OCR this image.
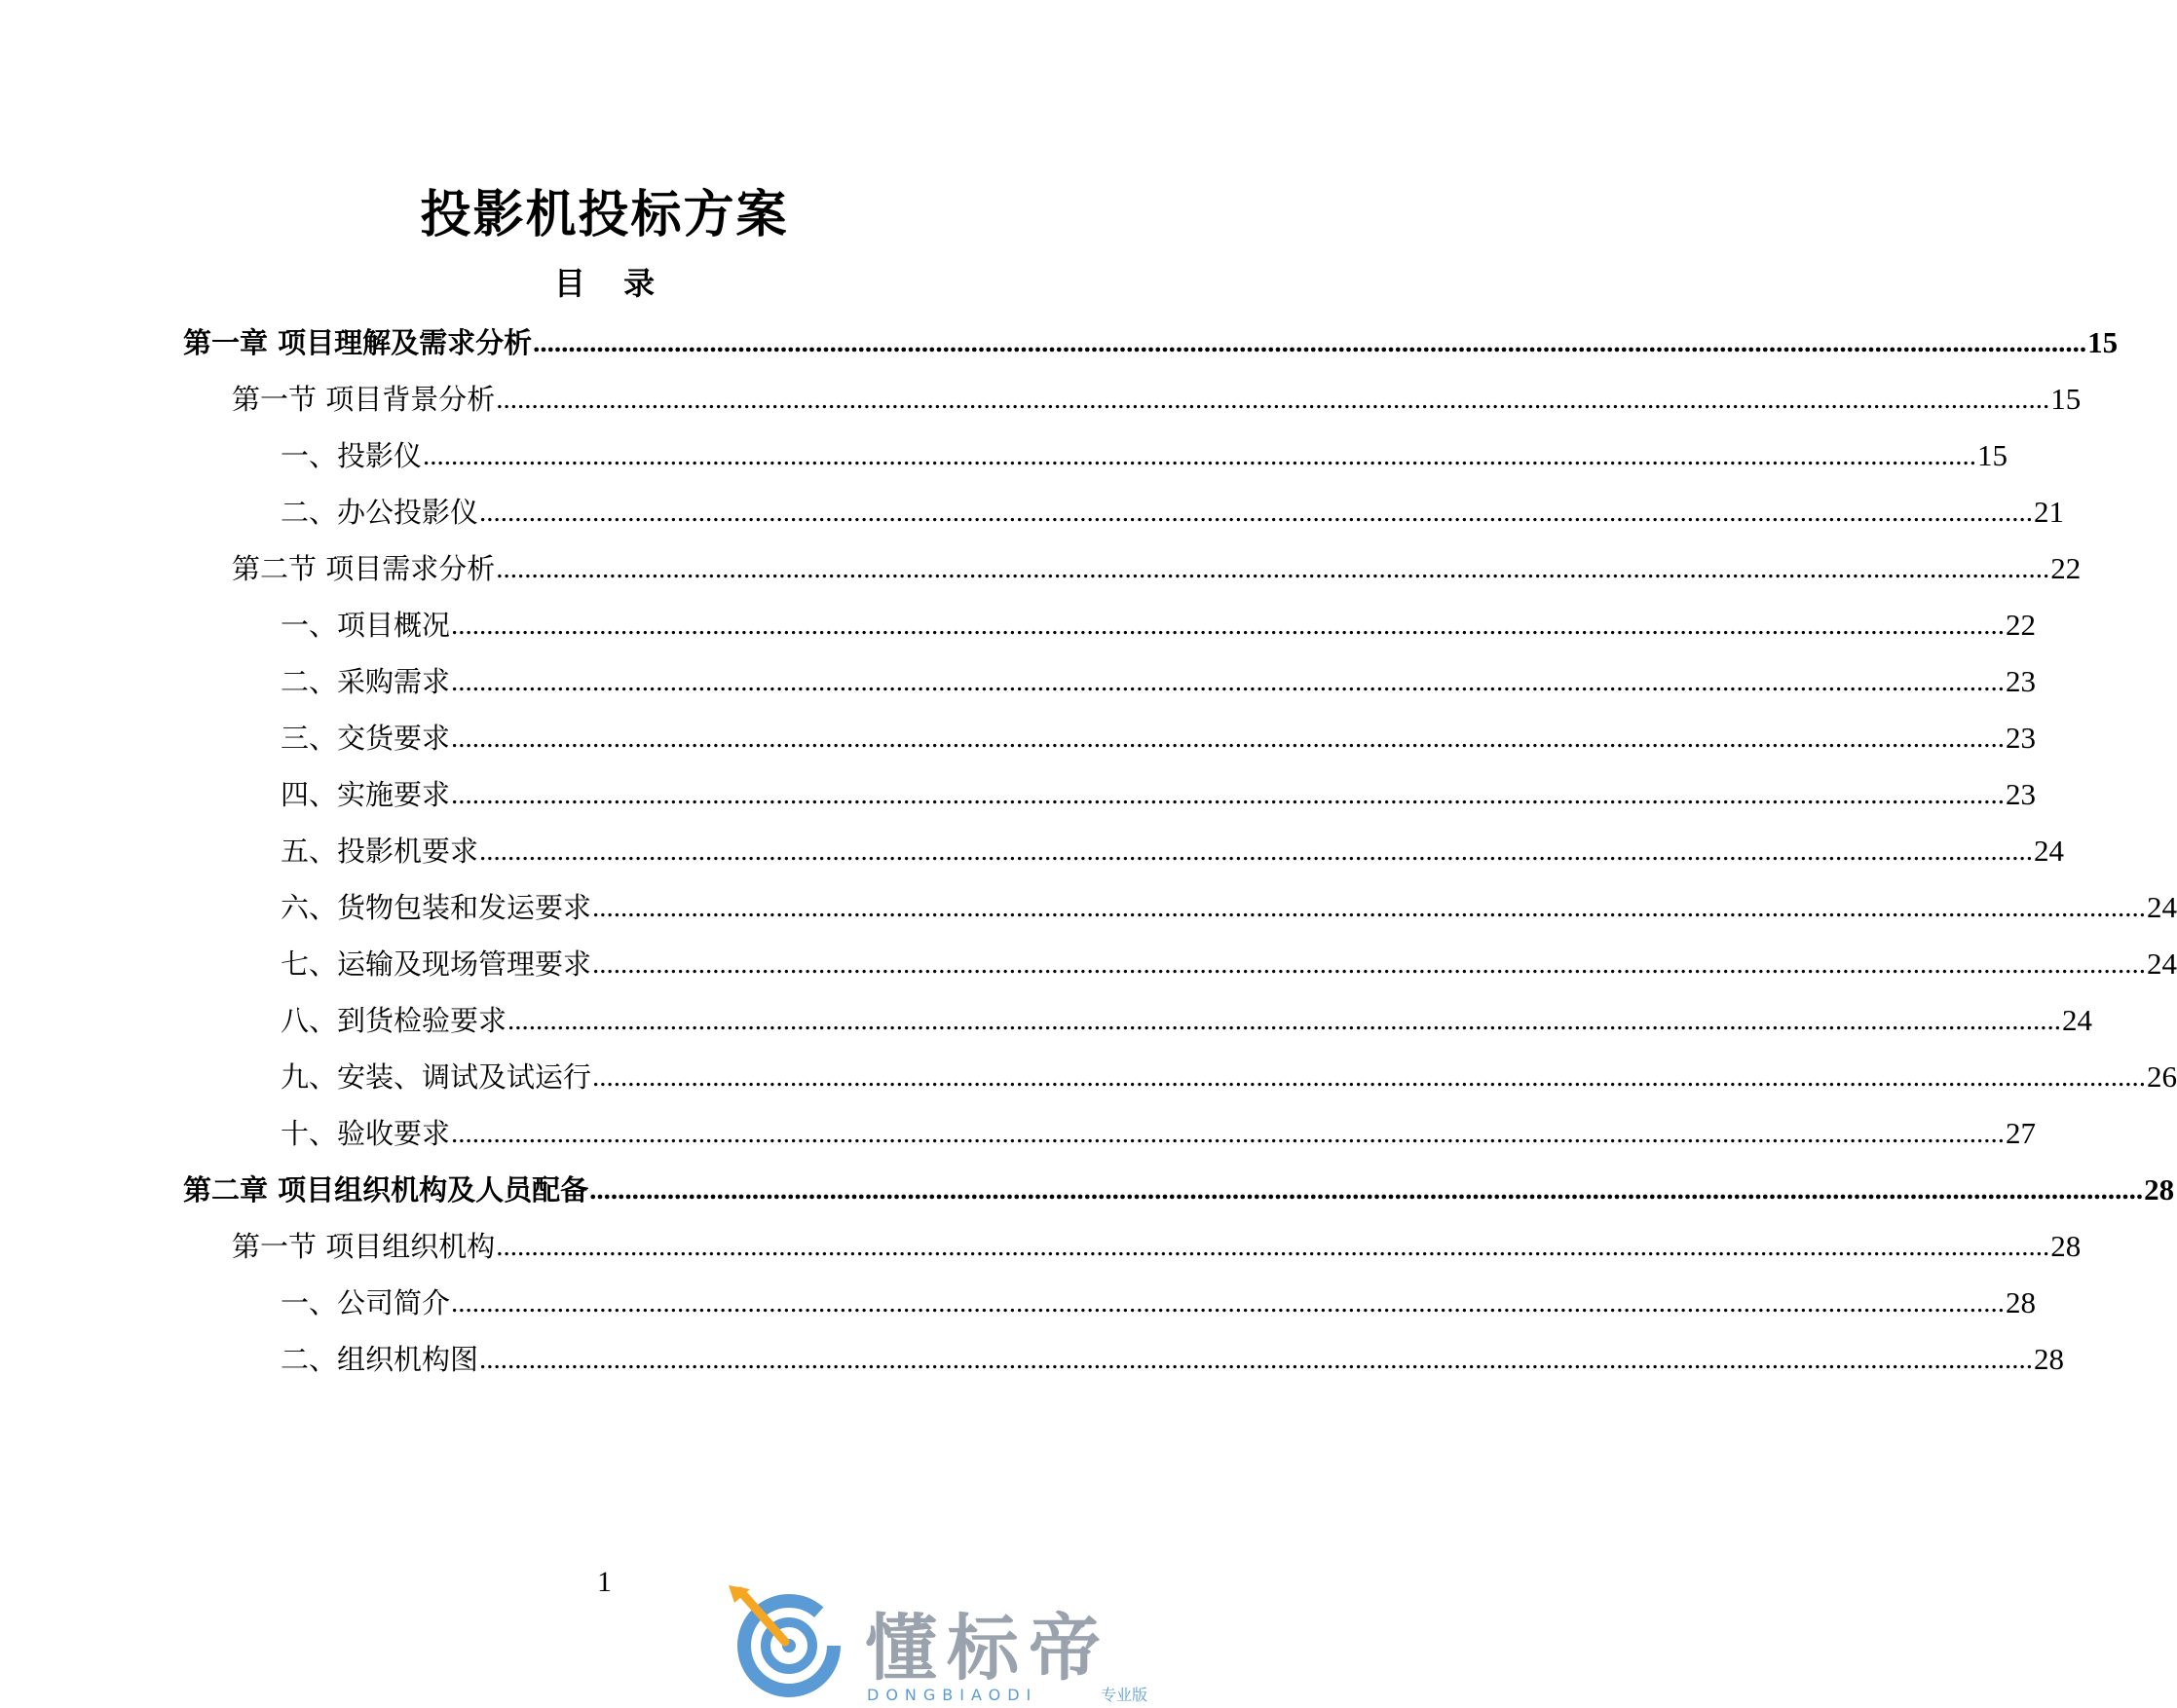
投影机投标方案
目 录
第一章 项目理解及需求分析 ............................................................................................................................................................................................................................ 15
第一节 项目背景分析 ............................................................................................................................................................................................................................ 15
一、投影仪 ............................................................................................................................................................................................................................ 15
二、办公投影仪 ............................................................................................................................................................................................................................ 21
第二节 项目需求分析 ............................................................................................................................................................................................................................ 22
一、项目概况 ............................................................................................................................................................................................................................ 22
二、采购需求 ............................................................................................................................................................................................................................ 23
三、交货要求 ............................................................................................................................................................................................................................ 23
四、实施要求 ............................................................................................................................................................................................................................ 23
五、投影机要求 ............................................................................................................................................................................................................................ 24
六、货物包装和发运要求 ............................................................................................................................................................................................................................ 24
七、运输及现场管理要求 ............................................................................................................................................................................................................................ 24
八、到货检验要求 ............................................................................................................................................................................................................................ 24
九、安装、调试及试运行 ............................................................................................................................................................................................................................ 26
十、验收要求 ............................................................................................................................................................................................................................ 27
第二章 项目组织机构及人员配备 ............................................................................................................................................................................................................................ 28
第一节 项目组织机构 ............................................................................................................................................................................................................................ 28
一、公司简介 ............................................................................................................................................................................................................................ 28
二、组织机构图 ............................................................................................................................................................................................................................ 28
1
懂标帝
DONGBIAODI	专业版
